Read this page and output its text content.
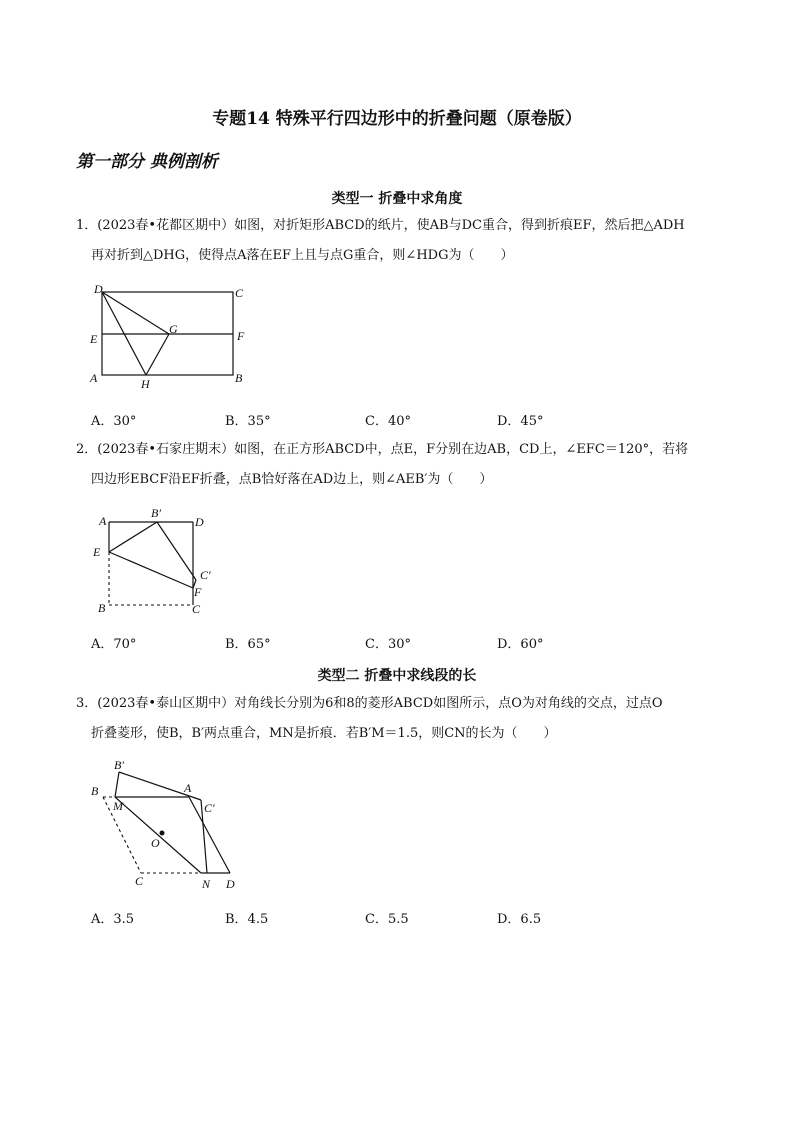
专题14 特殊平行四边形中的折叠问题（原卷版）
第一部分 典例剖析
类型一 折叠中求角度
1．(2023春•花都区期中）如图，对折矩形ABCD的纸片，使AB与DC重合，得到折痕EF，然后把△ADH
再对折到△DHG，使得点A落在EF上且与点G重合，则∠HDG为（　　）
D	C
E	F
G
A	H	B
A．30°	B．35°	C．40°	D．45°
2．(2023春•石家庄期末）如图，在正方形ABCD中，点E，F分别在边AB，CD上，∠EFC＝120°，若将
四边形EBCF沿EF折叠，点B恰好落在AD边上，则∠AEB′为（　　）
A
B′
D
E
C′
F
B	C
A．70°	B．65°	C．30°	D．60°
类型二 折叠中求线段的长
3．(2023春•泰山区期中）对角线长分别为6和8的菱形ABCD如图所示，点O为对角线的交点，过点O
折叠菱形，使B，B′两点重合，MN是折痕．若B′M＝1.5，则CN的长为（　　）
B′
B
M
A
C′
O
C	N D
A．3.5	B．4.5	C．5.5	D．6.5
